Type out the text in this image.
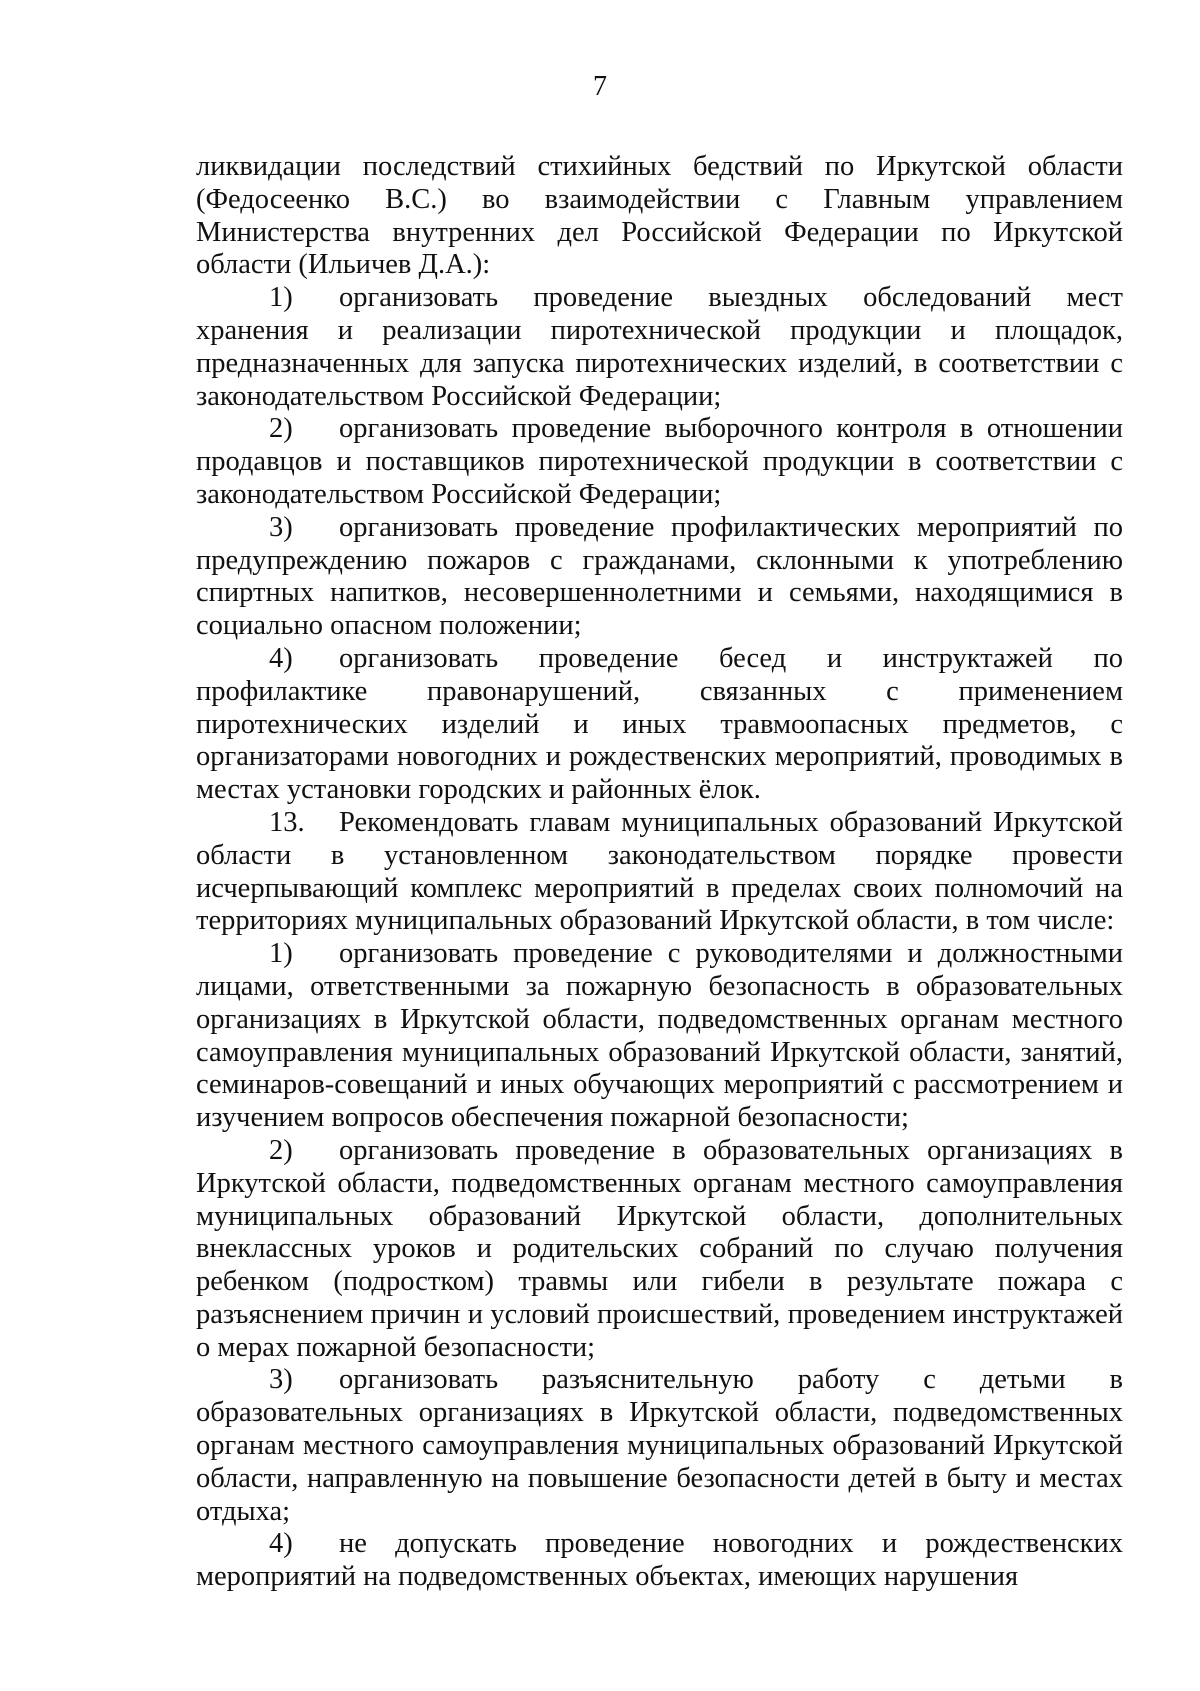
7

ликвидации последствий стихийных бедствий по Иркутской области (Федосеенко В.С.) во взаимодействии с Главным управлением Министерства внутренних дел Российской Федерации по Иркутской области (Ильичев Д.А.):

1) организовать проведение выездных обследований мест хранения и реализации пиротехнической продукции и площадок, предназначенных для запуска пиротехнических изделий, в соответствии с законодательством Российской Федерации;

2) организовать проведение выборочного контроля в отношении продавцов и поставщиков пиротехнической продукции в соответствии с законодательством Российской Федерации;

3) организовать проведение профилактических мероприятий по предупреждению пожаров с гражданами, склонными к употреблению спиртных напитков, несовершеннолетними и семьями, находящимися в социально опасном положении;

4) организовать проведение бесед и инструктажей по профилактике правонарушений, связанных с применением пиротехнических изделий и иных травмоопасных предметов, с организаторами новогодних и рождественских мероприятий, проводимых в местах установки городских и районных ёлок.

13. Рекомендовать главам муниципальных образований Иркутской области в установленном законодательством порядке провести исчерпывающий комплекс мероприятий в пределах своих полномочий на территориях муниципальных образований Иркутской области, в том числе:

1) организовать проведение с руководителями и должностными лицами, ответственными за пожарную безопасность в образовательных организациях в Иркутской области, подведомственных органам местного самоуправления муниципальных образований Иркутской области, занятий, семинаров-совещаний и иных обучающих мероприятий с рассмотрением и изучением вопросов обеспечения пожарной безопасности;

2) организовать проведение в образовательных организациях в Иркутской области, подведомственных органам местного самоуправления муниципальных образований Иркутской области, дополнительных внеклассных уроков и родительских собраний по случаю получения ребенком (подростком) травмы или гибели в результате пожара с разъяснением причин и условий происшествий, проведением инструктажей о мерах пожарной безопасности;

3) организовать разъяснительную работу с детьми в образовательных организациях в Иркутской области, подведомственных органам местного самоуправления муниципальных образований Иркутской области, направленную на повышение безопасности детей в быту и местах отдыха;

4) не допускать проведение новогодних и рождественских мероприятий на подведомственных объектах, имеющих нарушения
